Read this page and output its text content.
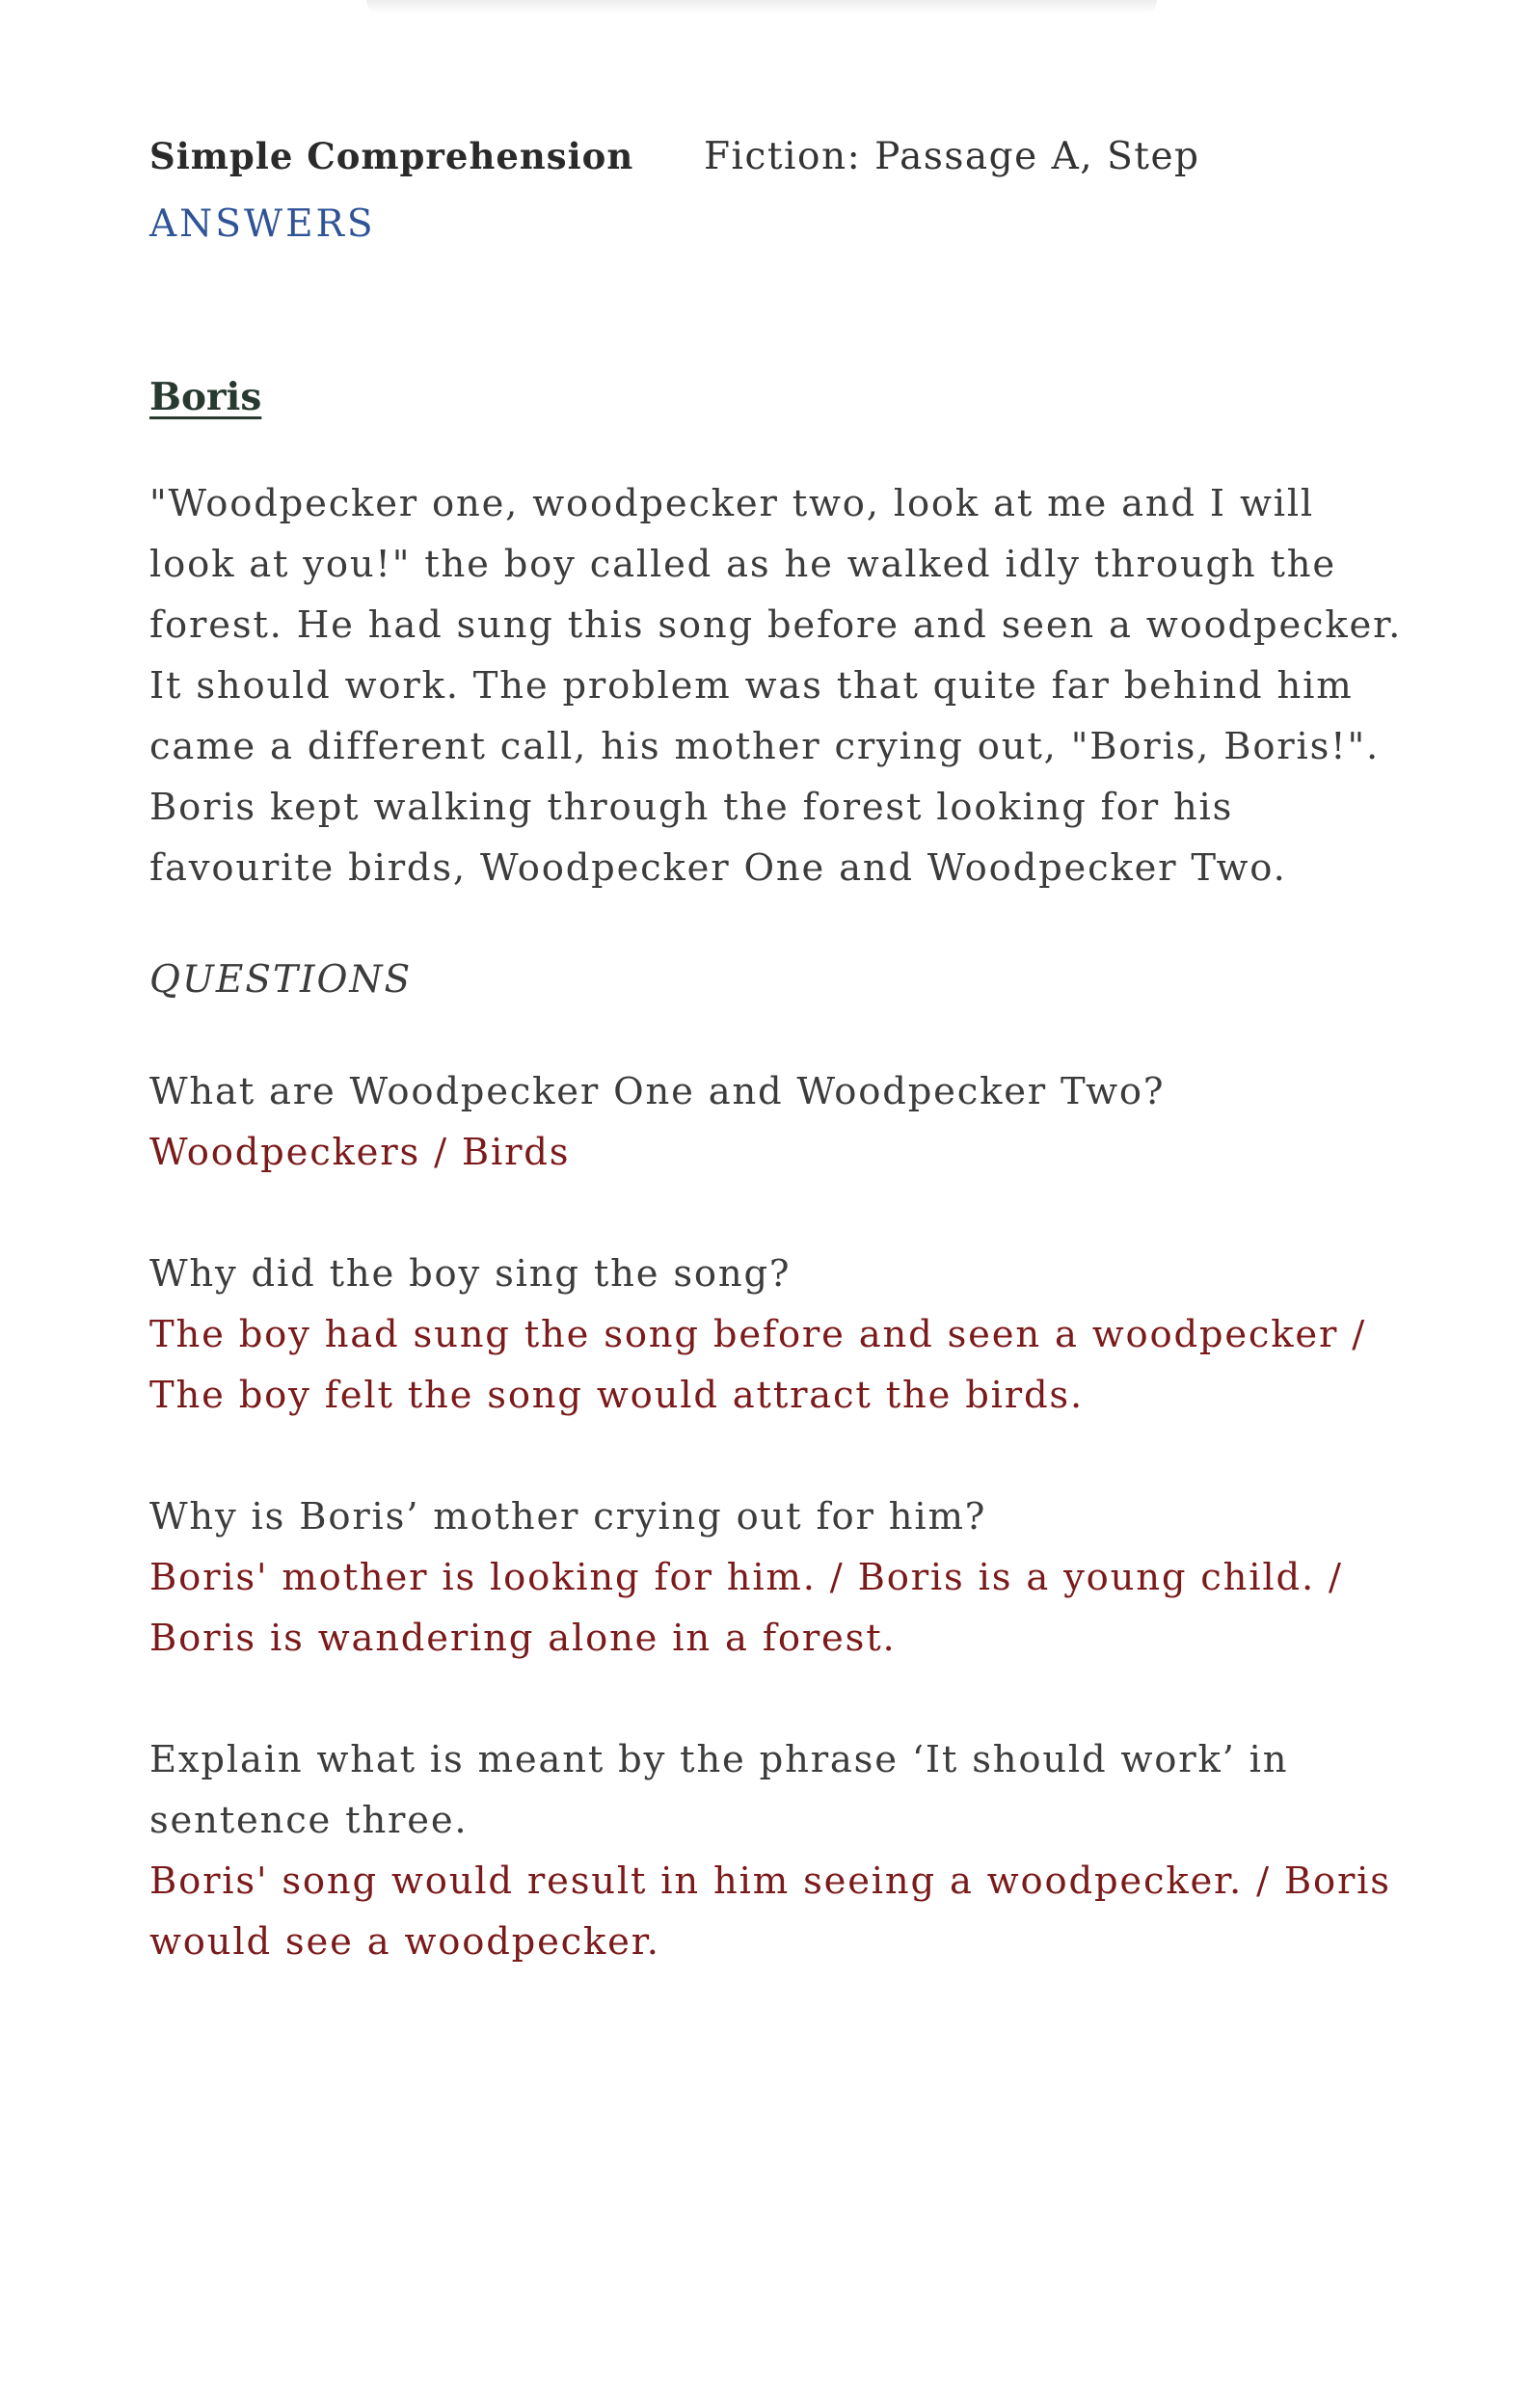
Simple Comprehension	Fiction: Passage A, Step
ANSWERS
Boris
"Woodpecker one, woodpecker two, look at me and I will look at you!" the boy called as he walked idly through the forest. He had sung this song before and seen a woodpecker. It should work. The problem was that quite far behind him came a different call, his mother crying out, "Boris, Boris!". Boris kept walking through the forest looking for his favourite birds, Woodpecker One and Woodpecker Two.
QUESTIONS
What are Woodpecker One and Woodpecker Two?
Woodpeckers / Birds
Why did the boy sing the song?
The boy had sung the song before and seen a woodpecker / The boy felt the song would attract the birds.
Why is Boris’ mother crying out for him?
Boris' mother is looking for him. / Boris is a young child. / Boris is wandering alone in a forest.
Explain what is meant by the phrase ‘It should work’ in sentence three.
Boris' song would result in him seeing a woodpecker. / Boris would see a woodpecker.
